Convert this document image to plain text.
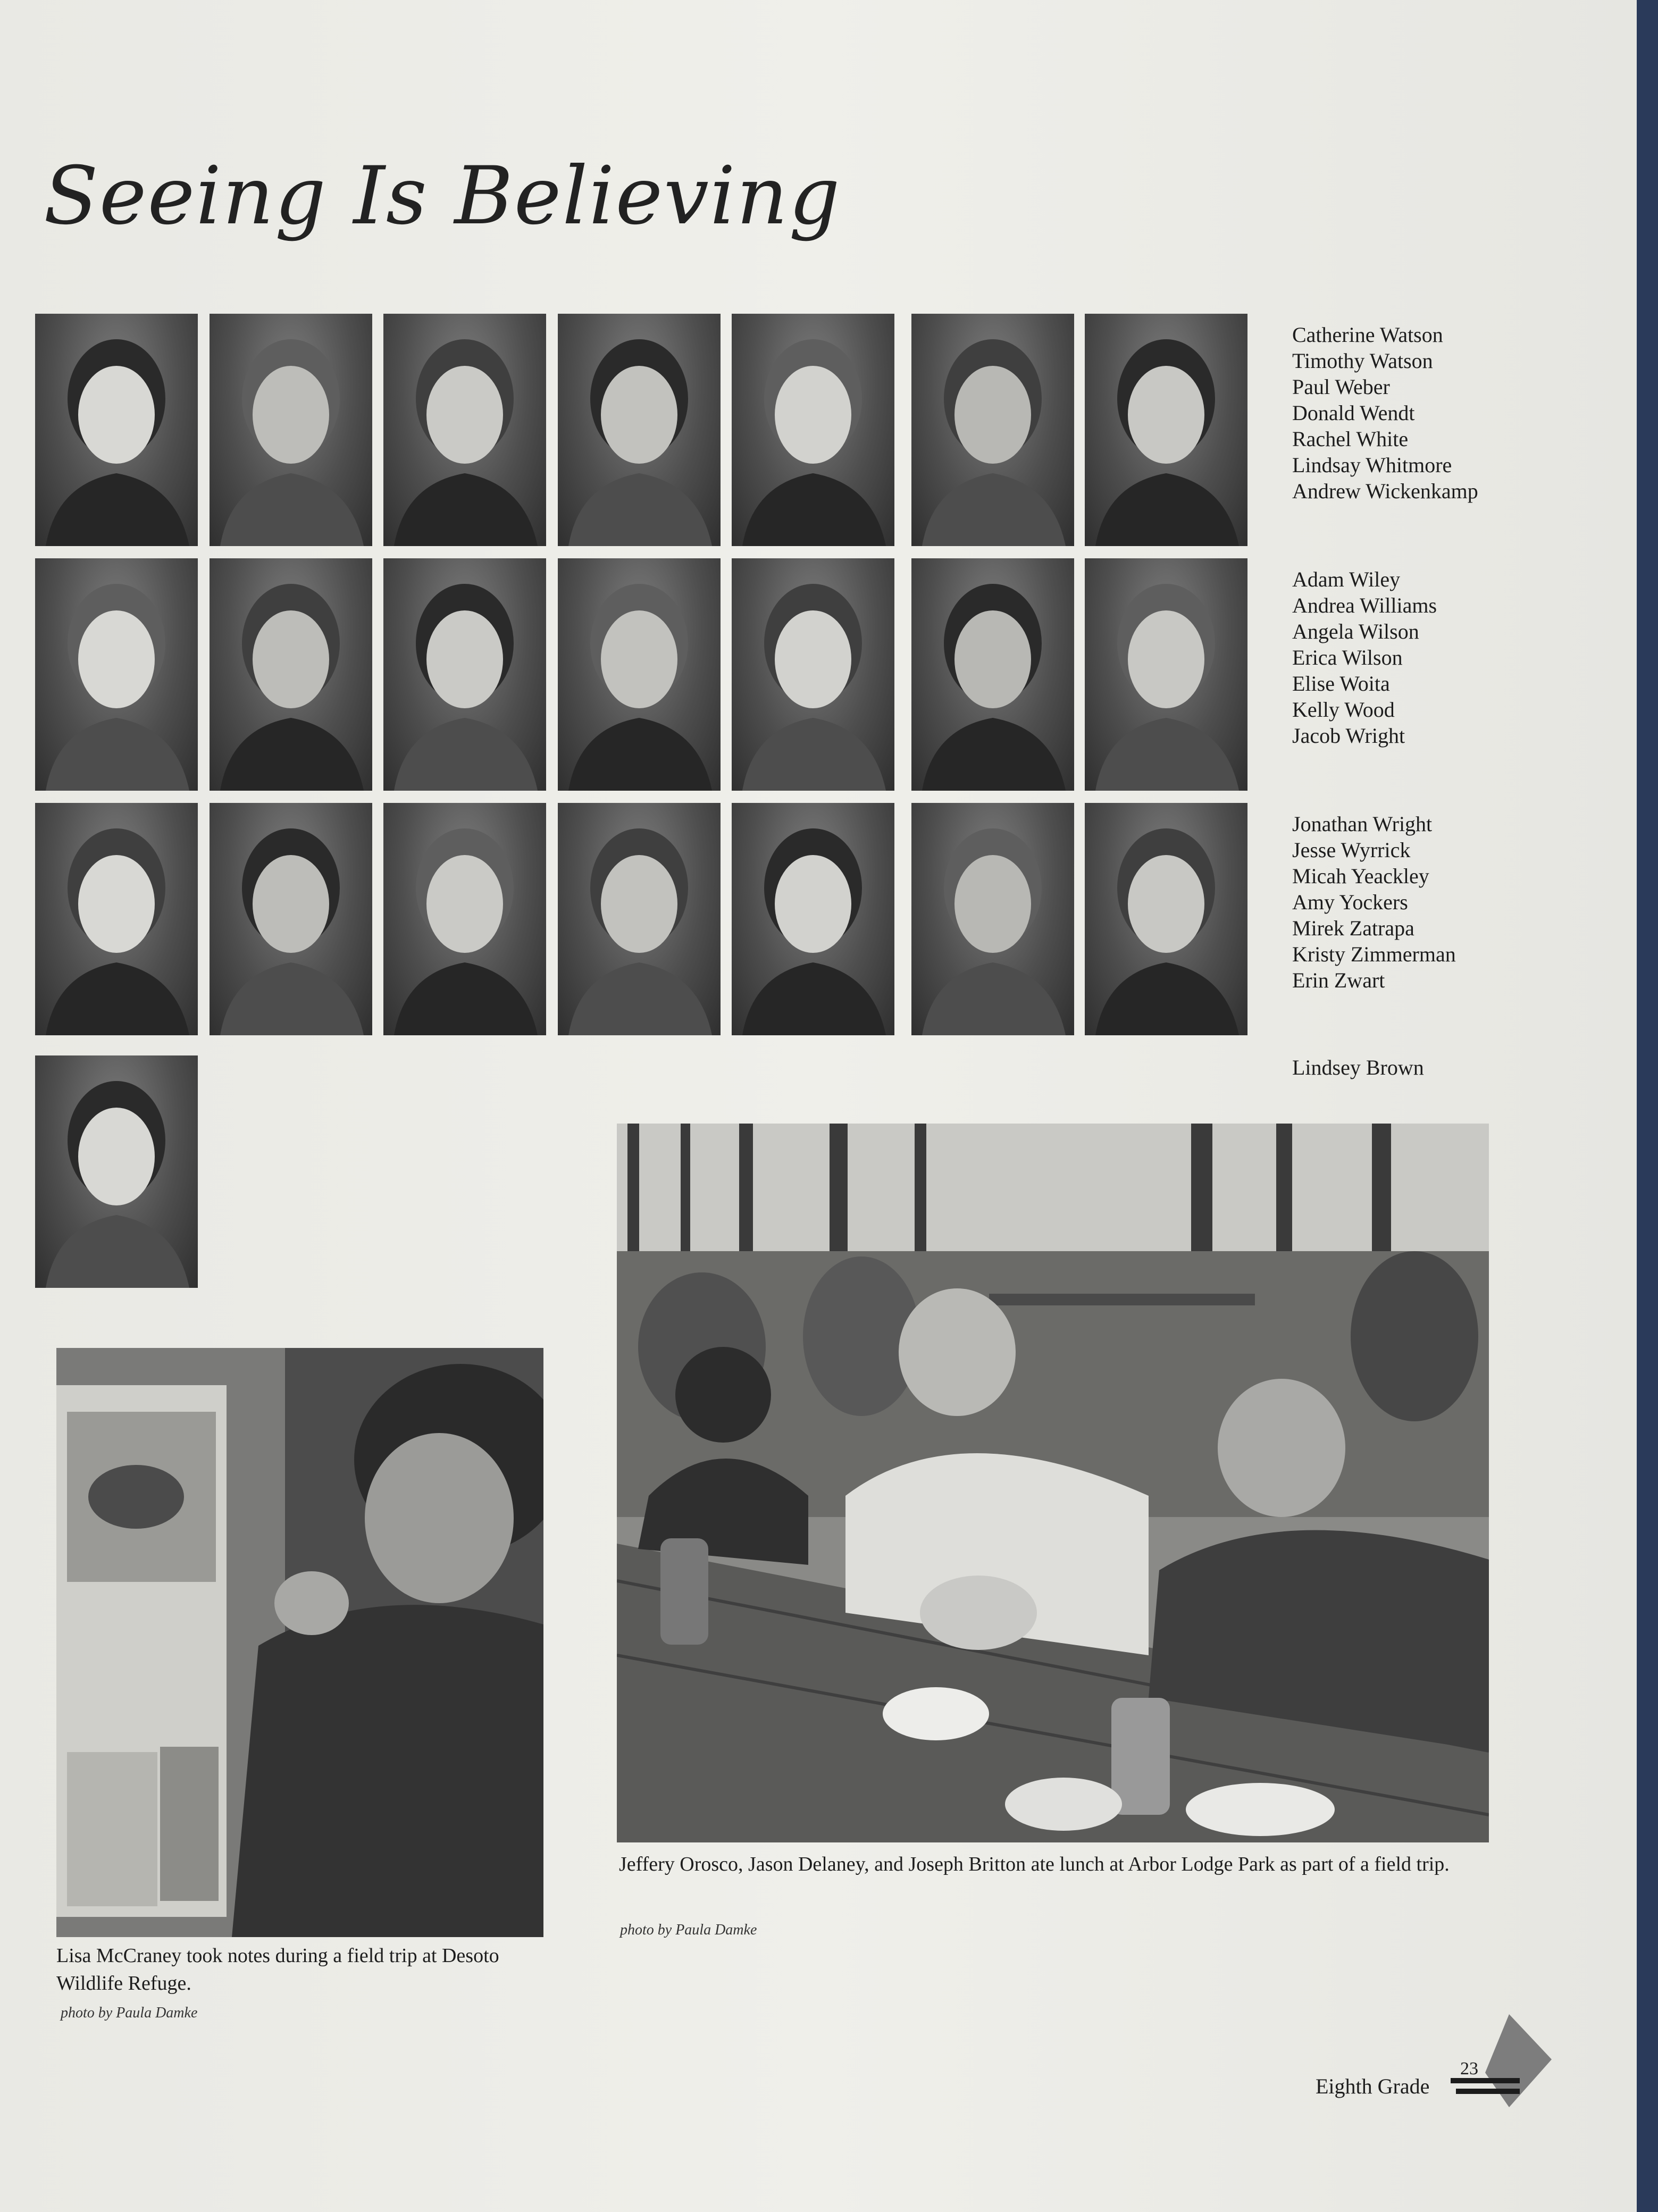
Seeing Is Believing
Catherine Watson
Timothy Watson
Paul Weber
Donald Wendt
Rachel White
Lindsay Whitmore
Andrew Wickenkamp
Adam Wiley
Andrea Williams
Angela Wilson
Erica Wilson
Elise Woita
Kelly Wood
Jacob Wright
Jonathan Wright
Jesse Wyrrick
Micah Yeackley
Amy Yockers
Mirek Zatrapa
Kristy Zimmerman
Erin Zwart
Lindsey Brown
Lisa McCraney took notes during a field trip at Desoto Wildlife Refuge.
photo by Paula Damke
Jeffery Orosco, Jason Delaney, and Joseph Britton ate lunch at Arbor Lodge Park as part of a field trip.
photo by Paula Damke
Eighth Grade
23
